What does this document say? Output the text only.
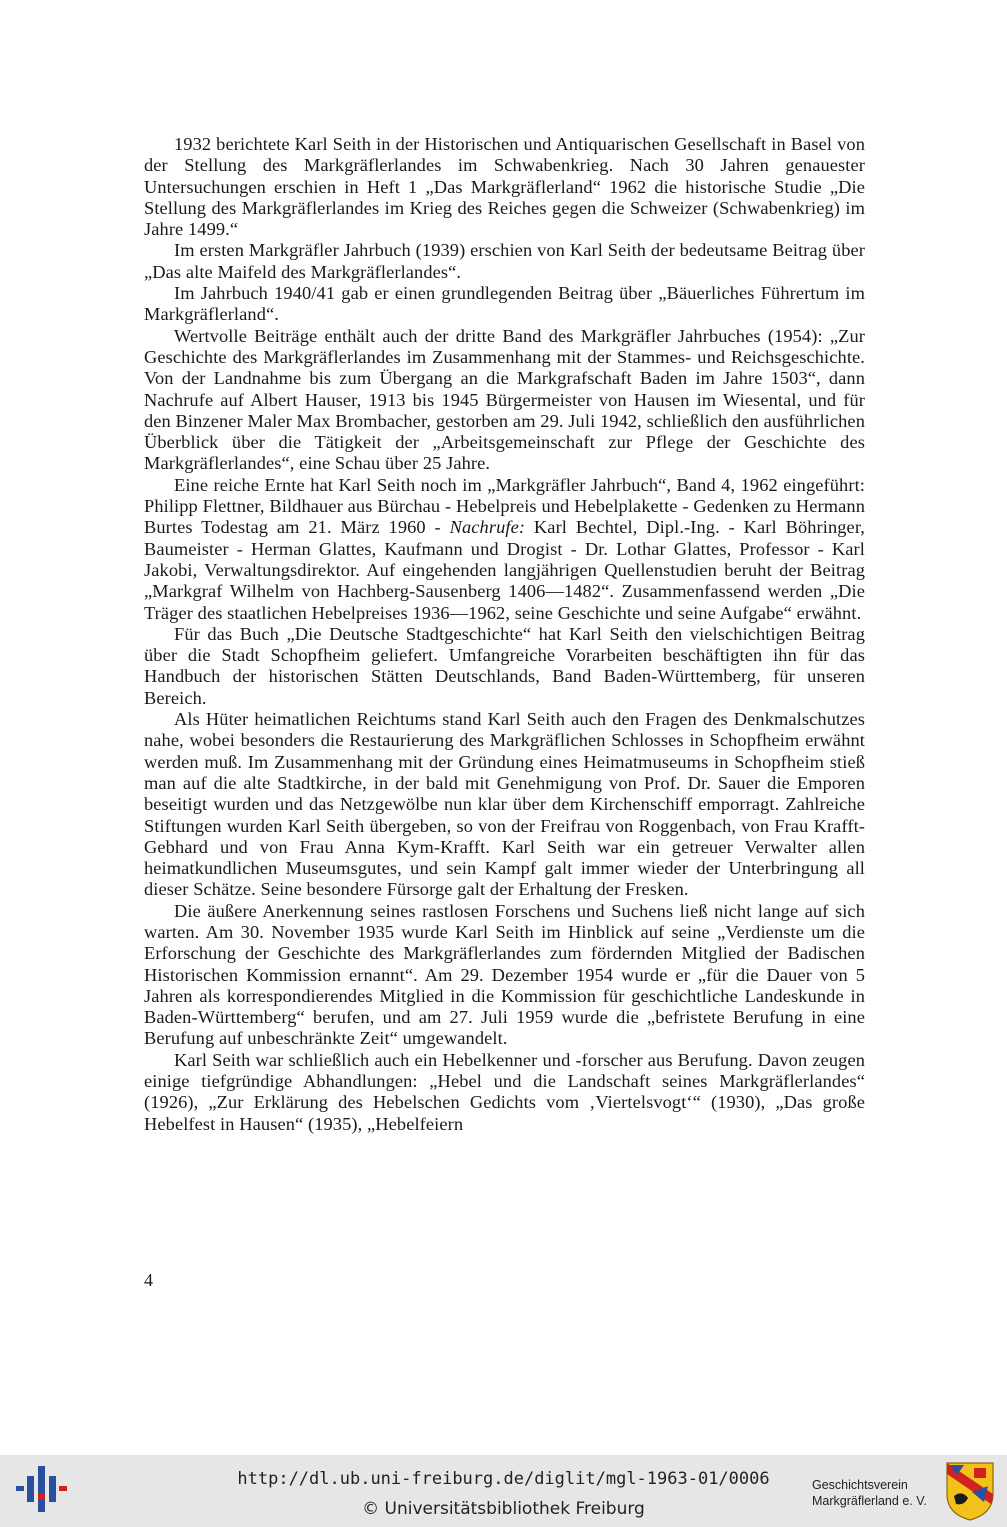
1932 berichtete Karl Seith in der Historischen und Antiquarischen Gesellschaft in Basel von der Stellung des Markgräflerlandes im Schwabenkrieg. Nach 30 Jahren genauester Untersuchungen erschien in Heft 1 „Das Markgräflerland“ 1962 die historische Studie „Die Stellung des Markgräflerlandes im Krieg des Reiches gegen die Schweizer (Schwabenkrieg) im Jahre 1499.“

Im ersten Markgräfler Jahrbuch (1939) erschien von Karl Seith der bedeutsame Beitrag über „Das alte Maifeld des Markgräflerlandes“.

Im Jahrbuch 1940/41 gab er einen grundlegenden Beitrag über „Bäuerliches Führertum im Markgräflerland“.

Wertvolle Beiträge enthält auch der dritte Band des Markgräfler Jahrbuches (1954): „Zur Geschichte des Markgräflerlandes im Zusammenhang mit der Stammes- und Reichsgeschichte. Von der Landnahme bis zum Übergang an die Markgrafschaft Baden im Jahre 1503“, dann Nachrufe auf Albert Hauser, 1913 bis 1945 Bürgermeister von Hausen im Wiesental, und für den Binzener Maler Max Brombacher, gestorben am 29. Juli 1942, schließlich den ausführlichen Überblick über die Tätigkeit der „Arbeitsgemeinschaft zur Pflege der Geschichte des Markgräflerlandes“, eine Schau über 25 Jahre.

Eine reiche Ernte hat Karl Seith noch im „Markgräfler Jahrbuch“, Band 4, 1962 eingeführt: Philipp Flettner, Bildhauer aus Bürchau - Hebelpreis und Hebelplakette - Gedenken zu Hermann Burtes Todestag am 21. März 1960 - Nachrufe: Karl Bechtel, Dipl.-Ing. - Karl Böhringer, Baumeister - Herman Glattes, Kaufmann und Drogist - Dr. Lothar Glattes, Professor - Karl Jakobi, Verwaltungsdirektor. Auf eingehenden langjährigen Quellenstudien beruht der Beitrag „Markgraf Wilhelm von Hachberg-Sausenberg 1406—1482“. Zusammenfassend werden „Die Träger des staatlichen Hebelpreises 1936—1962, seine Geschichte und seine Aufgabe“ erwähnt.

Für das Buch „Die Deutsche Stadtgeschichte“ hat Karl Seith den vielschichtigen Beitrag über die Stadt Schopfheim geliefert. Umfangreiche Vorarbeiten beschäftigten ihn für das Handbuch der historischen Stätten Deutschlands, Band Baden-Württemberg, für unseren Bereich.

Als Hüter heimatlichen Reichtums stand Karl Seith auch den Fragen des Denkmalschutzes nahe, wobei besonders die Restaurierung des Markgräflichen Schlosses in Schopfheim erwähnt werden muß. Im Zusammenhang mit der Gründung eines Heimatmuseums in Schopfheim stieß man auf die alte Stadtkirche, in der bald mit Genehmigung von Prof. Dr. Sauer die Emporen beseitigt wurden und das Netzgewölbe nun klar über dem Kirchenschiff emporragt. Zahlreiche Stiftungen wurden Karl Seith übergeben, so von der Freifrau von Roggenbach, von Frau Krafft-Gebhard und von Frau Anna Kym-Krafft. Karl Seith war ein getreuer Verwalter allen heimatkundlichen Museumsgutes, und sein Kampf galt immer wieder der Unterbringung all dieser Schätze. Seine besondere Fürsorge galt der Erhaltung der Fresken.

Die äußere Anerkennung seines rastlosen Forschens und Suchens ließ nicht lange auf sich warten. Am 30. November 1935 wurde Karl Seith im Hinblick auf seine „Verdienste um die Erforschung der Geschichte des Markgräflerlandes zum fördernden Mitglied der Badischen Historischen Kommission ernannt“. Am 29. Dezember 1954 wurde er „für die Dauer von 5 Jahren als korrespondierendes Mitglied in die Kommission für geschichtliche Landeskunde in Baden-Württemberg“ berufen, und am 27. Juli 1959 wurde die „befristete Berufung in eine Berufung auf unbeschränkte Zeit“ umgewandelt.

Karl Seith war schließlich auch ein Hebelkenner und -forscher aus Berufung. Davon zeugen einige tiefgründige Abhandlungen: „Hebel und die Landschaft seines Markgräflerlandes“ (1926), „Zur Erklärung des Hebelschen Gedichts vom ‚Viertelsvogt‘“ (1930), „Das große Hebelfest in Hausen“ (1935), „Hebelfeiern

4
http://dl.ub.uni-freiburg.de/diglit/mgl-1963-01/0006
© Universitätsbibliothek Freiburg
Geschichtsverein
Markgräflerland e. V.
